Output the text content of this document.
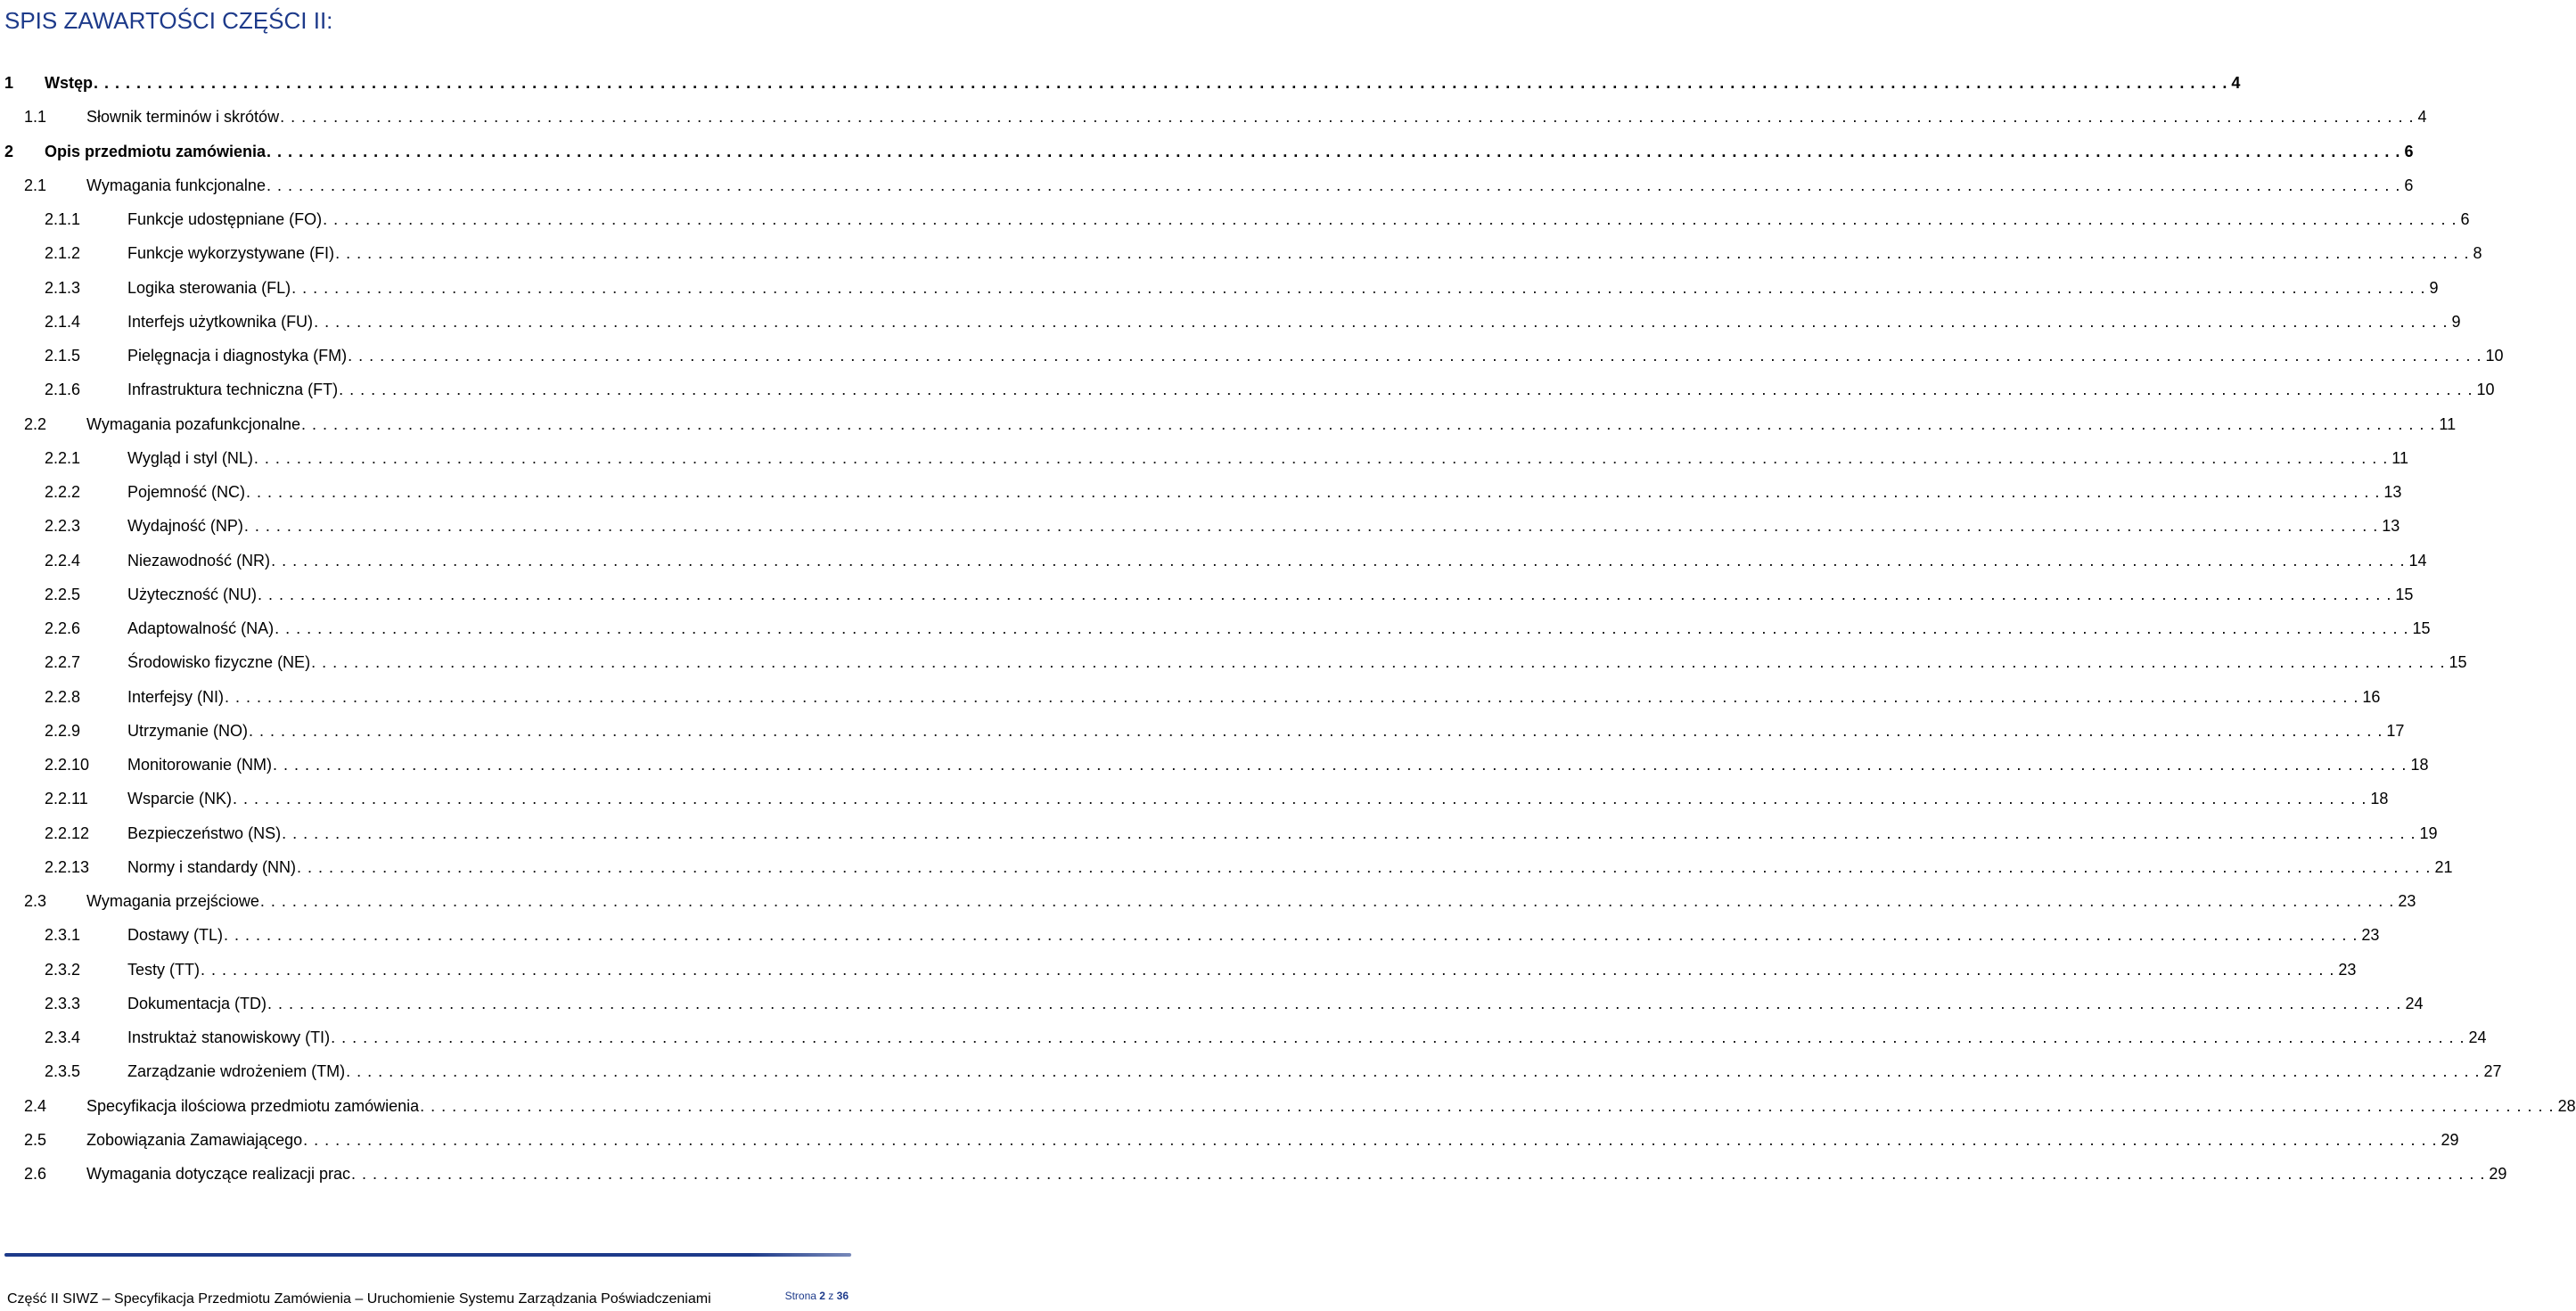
SPIS ZAWARTOŚCI CZĘŚCI II:
1 Wstęp . . . . . . . . . . . . . . . . . . . . . . . . . . . . . . . . . . . . . . . . . . . . . . . . . . . . . . . . . . . . . . . . . . . . . . . . . . . . . . . . . . . . . . . . . . . . . . . . . . . . . . . . . . . . . . . . . . . . . . . . . . . . . . . . . . . . . . . . . . . . . . . . . . . . . . . . . . . . . . . . . . . . . . . . . . . . . . . . . . . . . . . . . . . . . . . . . . . . . . . . 4
1.1 Słownik terminów i skrótów . . . . . . . . . . . . . . . . . . . . . . . . . . . . . . . . . . . . . . . . . . . . . . . . . . . . . . . . . . . . . . . . . . . . . . . . . . . . . . . . . . . . . . . . . . . . . . . . . . . . . . . . . . . . . . . . . . . . . . . . . . . . . . . . . . . . . . . . . . . . . . . . . . . . . . . . . . . . . . . . . . . . . . . . . . . . . . . . . . . . . . . . . . . . . . . . . . . . . . . . 4
2 Opis przedmiotu zamówienia . . . . . . . . . . . . . . . . . . . . . . . . . . . . . . . . . . . . . . . . . . . . . . . . . . . . . . . . . . . . . . . . . . . . . . . . . . . . . . . . . . . . . . . . . . . . . . . . . . . . . . . . . . . . . . . . . . . . . . . . . . . . . . . . . . . . . . . . . . . . . . . . . . . . . . . . . . . . . . . . . . . . . . . . . . . . . . . . . . . . . . . . . . . . . . . . . . . . . . . . 6
2.1 Wymagania funkcjonalne . . . . . . . . . . . . . . . . . . . . . . . . . . . . . . . . . . . . . . . . . . . . . . . . . . . . . . . . . . . . . . . . . . . . . . . . . . . . . . . . . . . . . . . . . . . . . . . . . . . . . . . . . . . . . . . . . . . . . . . . . . . . . . . . . . . . . . . . . . . . . . . . . . . . . . . . . . . . . . . . . . . . . . . . . . . . . . . . . . . . . . . . . . . . . . . . . . . . . . . . 6
2.1.1	Funkcje udostępniane (FO) . . . . . . . . . . . . . . . . . . . . . . . . . . . . . . . . . . . . . . . . . . . . . . . . . . . . . . . . . . . . . . . . . . . . . . . . . . . . . . . . . . . . . . . . . . . . . . . . . . . . . . . . . . . . . . . . . . . . . . . . . . . . . . . . . . . . . . . . . . . . . . . . . . . . . . . . . . . . . . . . . . . . . . . . . . . . . . . . . . . . . . . . . . . . . . . . . . . . . . . . 6
2.1.2	Funkcje wykorzystywane (FI) . . . . . . . . . . . . . . . . . . . . . . . . . . . . . . . . . . . . . . . . . . . . . . . . . . . . . . . . . . . . . . . . . . . . . . . . . . . . . . . . . . . . . . . . . . . . . . . . . . . . . . . . . . . . . . . . . . . . . . . . . . . . . . . . . . . . . . . . . . . . . . . . . . . . . . . . . . . . . . . . . . . . . . . . . . . . . . . . . . . . . . . . . . . . . . . . . . . . . . . . 8
2.1.3	Logika sterowania (FL) . . . . . . . . . . . . . . . . . . . . . . . . . . . . . . . . . . . . . . . . . . . . . . . . . . . . . . . . . . . . . . . . . . . . . . . . . . . . . . . . . . . . . . . . . . . . . . . . . . . . . . . . . . . . . . . . . . . . . . . . . . . . . . . . . . . . . . . . . . . . . . . . . . . . . . . . . . . . . . . . . . . . . . . . . . . . . . . . . . . . . . . . . . . . . . . . . . . . . . . . 9
2.1.4	Interfejs użytkownika (FU) . . . . . . . . . . . . . . . . . . . . . . . . . . . . . . . . . . . . . . . . . . . . . . . . . . . . . . . . . . . . . . . . . . . . . . . . . . . . . . . . . . . . . . . . . . . . . . . . . . . . . . . . . . . . . . . . . . . . . . . . . . . . . . . . . . . . . . . . . . . . . . . . . . . . . . . . . . . . . . . . . . . . . . . . . . . . . . . . . . . . . . . . . . . . . . . . . . . . . . . . 9
2.1.5	Pielęgnacja i diagnostyka (FM) . . . . . . . . . . . . . . . . . . . . . . . . . . . . . . . . . . . . . . . . . . . . . . . . . . . . . . . . . . . . . . . . . . . . . . . . . . . . . . . . . . . . . . . . . . . . . . . . . . . . . . . . . . . . . . . . . . . . . . . . . . . . . . . . . . . . . . . . . . . . . . . . . . . . . . . . . . . . . . . . . . . . . . . . . . . . . . . . . . . . . . . . . . . . . . . . . . . . . . . . 10
2.1.6	Infrastruktura techniczna (FT) . . . . . . . . . . . . . . . . . . . . . . . . . . . . . . . . . . . . . . . . . . . . . . . . . . . . . . . . . . . . . . . . . . . . . . . . . . . . . . . . . . . . . . . . . . . . . . . . . . . . . . . . . . . . . . . . . . . . . . . . . . . . . . . . . . . . . . . . . . . . . . . . . . . . . . . . . . . . . . . . . . . . . . . . . . . . . . . . . . . . . . . . . . . . . . . . . . . . . . . . 10
2.2 Wymagania pozafunkcjonalne . . . . . . . . . . . . . . . . . . . . . . . . . . . . . . . . . . . . . . . . . . . . . . . . . . . . . . . . . . . . . . . . . . . . . . . . . . . . . . . . . . . . . . . . . . . . . . . . . . . . . . . . . . . . . . . . . . . . . . . . . . . . . . . . . . . . . . . . . . . . . . . . . . . . . . . . . . . . . . . . . . . . . . . . . . . . . . . . . . . . . . . . . . . . . . . . . . . . . . . . 11
2.2.1	Wygląd i styl (NL) . . . . . . . . . . . . . . . . . . . . . . . . . . . . . . . . . . . . . . . . . . . . . . . . . . . . . . . . . . . . . . . . . . . . . . . . . . . . . . . . . . . . . . . . . . . . . . . . . . . . . . . . . . . . . . . . . . . . . . . . . . . . . . . . . . . . . . . . . . . . . . . . . . . . . . . . . . . . . . . . . . . . . . . . . . . . . . . . . . . . . . . . . . . . . . . . . . . . . . . . 11
2.2.2	Pojemność (NC) . . . . . . . . . . . . . . . . . . . . . . . . . . . . . . . . . . . . . . . . . . . . . . . . . . . . . . . . . . . . . . . . . . . . . . . . . . . . . . . . . . . . . . . . . . . . . . . . . . . . . . . . . . . . . . . . . . . . . . . . . . . . . . . . . . . . . . . . . . . . . . . . . . . . . . . . . . . . . . . . . . . . . . . . . . . . . . . . . . . . . . . . . . . . . . . . . . . . . . . . 13
2.2.3	Wydajność (NP) . . . . . . . . . . . . . . . . . . . . . . . . . . . . . . . . . . . . . . . . . . . . . . . . . . . . . . . . . . . . . . . . . . . . . . . . . . . . . . . . . . . . . . . . . . . . . . . . . . . . . . . . . . . . . . . . . . . . . . . . . . . . . . . . . . . . . . . . . . . . . . . . . . . . . . . . . . . . . . . . . . . . . . . . . . . . . . . . . . . . . . . . . . . . . . . . . . . . . . . . 13
2.2.4	Niezawodność (NR) . . . . . . . . . . . . . . . . . . . . . . . . . . . . . . . . . . . . . . . . . . . . . . . . . . . . . . . . . . . . . . . . . . . . . . . . . . . . . . . . . . . . . . . . . . . . . . . . . . . . . . . . . . . . . . . . . . . . . . . . . . . . . . . . . . . . . . . . . . . . . . . . . . . . . . . . . . . . . . . . . . . . . . . . . . . . . . . . . . . . . . . . . . . . . . . . . . . . . . . . 14
2.2.5	Użyteczność (NU) . . . . . . . . . . . . . . . . . . . . . . . . . . . . . . . . . . . . . . . . . . . . . . . . . . . . . . . . . . . . . . . . . . . . . . . . . . . . . . . . . . . . . . . . . . . . . . . . . . . . . . . . . . . . . . . . . . . . . . . . . . . . . . . . . . . . . . . . . . . . . . . . . . . . . . . . . . . . . . . . . . . . . . . . . . . . . . . . . . . . . . . . . . . . . . . . . . . . . . . . 15
2.2.6	Adaptowalność (NA) . . . . . . . . . . . . . . . . . . . . . . . . . . . . . . . . . . . . . . . . . . . . . . . . . . . . . . . . . . . . . . . . . . . . . . . . . . . . . . . . . . . . . . . . . . . . . . . . . . . . . . . . . . . . . . . . . . . . . . . . . . . . . . . . . . . . . . . . . . . . . . . . . . . . . . . . . . . . . . . . . . . . . . . . . . . . . . . . . . . . . . . . . . . . . . . . . . . . . . . . 15
2.2.7	Środowisko fizyczne (NE) . . . . . . . . . . . . . . . . . . . . . . . . . . . . . . . . . . . . . . . . . . . . . . . . . . . . . . . . . . . . . . . . . . . . . . . . . . . . . . . . . . . . . . . . . . . . . . . . . . . . . . . . . . . . . . . . . . . . . . . . . . . . . . . . . . . . . . . . . . . . . . . . . . . . . . . . . . . . . . . . . . . . . . . . . . . . . . . . . . . . . . . . . . . . . . . . . . . . . . . . 15
2.2.8	Interfejsy (NI) . . . . . . . . . . . . . . . . . . . . . . . . . . . . . . . . . . . . . . . . . . . . . . . . . . . . . . . . . . . . . . . . . . . . . . . . . . . . . . . . . . . . . . . . . . . . . . . . . . . . . . . . . . . . . . . . . . . . . . . . . . . . . . . . . . . . . . . . . . . . . . . . . . . . . . . . . . . . . . . . . . . . . . . . . . . . . . . . . . . . . . . . . . . . . . . . . . . . . . . . 16
2.2.9	Utrzymanie (NO) . . . . . . . . . . . . . . . . . . . . . . . . . . . . . . . . . . . . . . . . . . . . . . . . . . . . . . . . . . . . . . . . . . . . . . . . . . . . . . . . . . . . . . . . . . . . . . . . . . . . . . . . . . . . . . . . . . . . . . . . . . . . . . . . . . . . . . . . . . . . . . . . . . . . . . . . . . . . . . . . . . . . . . . . . . . . . . . . . . . . . . . . . . . . . . . . . . . . . . . . 17
2.2.10 Monitorowanie (NM) . . . . . . . . . . . . . . . . . . . . . . . . . . . . . . . . . . . . . . . . . . . . . . . . . . . . . . . . . . . . . . . . . . . . . . . . . . . . . . . . . . . . . . . . . . . . . . . . . . . . . . . . . . . . . . . . . . . . . . . . . . . . . . . . . . . . . . . . . . . . . . . . . . . . . . . . . . . . . . . . . . . . . . . . . . . . . . . . . . . . . . . . . . . . . . . . . . . . . . . . 18
2.2.11 Wsparcie (NK) . . . . . . . . . . . . . . . . . . . . . . . . . . . . . . . . . . . . . . . . . . . . . . . . . . . . . . . . . . . . . . . . . . . . . . . . . . . . . . . . . . . . . . . . . . . . . . . . . . . . . . . . . . . . . . . . . . . . . . . . . . . . . . . . . . . . . . . . . . . . . . . . . . . . . . . . . . . . . . . . . . . . . . . . . . . . . . . . . . . . . . . . . . . . . . . . . . . . . . . . 18
2.2.12 Bezpieczeństwo (NS) . . . . . . . . . . . . . . . . . . . . . . . . . . . . . . . . . . . . . . . . . . . . . . . . . . . . . . . . . . . . . . . . . . . . . . . . . . . . . . . . . . . . . . . . . . . . . . . . . . . . . . . . . . . . . . . . . . . . . . . . . . . . . . . . . . . . . . . . . . . . . . . . . . . . . . . . . . . . . . . . . . . . . . . . . . . . . . . . . . . . . . . . . . . . . . . . . . . . . . . . 19
2.2.13 Normy i standardy (NN) . . . . . . . . . . . . . . . . . . . . . . . . . . . . . . . . . . . . . . . . . . . . . . . . . . . . . . . . . . . . . . . . . . . . . . . . . . . . . . . . . . . . . . . . . . . . . . . . . . . . . . . . . . . . . . . . . . . . . . . . . . . . . . . . . . . . . . . . . . . . . . . . . . . . . . . . . . . . . . . . . . . . . . . . . . . . . . . . . . . . . . . . . . . . . . . . . . . . . . . . 21
2.3 Wymagania przejściowe . . . . . . . . . . . . . . . . . . . . . . . . . . . . . . . . . . . . . . . . . . . . . . . . . . . . . . . . . . . . . . . . . . . . . . . . . . . . . . . . . . . . . . . . . . . . . . . . . . . . . . . . . . . . . . . . . . . . . . . . . . . . . . . . . . . . . . . . . . . . . . . . . . . . . . . . . . . . . . . . . . . . . . . . . . . . . . . . . . . . . . . . . . . . . . . . . . . . . . . . 23
2.3.1	Dostawy (TL) . . . . . . . . . . . . . . . . . . . . . . . . . . . . . . . . . . . . . . . . . . . . . . . . . . . . . . . . . . . . . . . . . . . . . . . . . . . . . . . . . . . . . . . . . . . . . . . . . . . . . . . . . . . . . . . . . . . . . . . . . . . . . . . . . . . . . . . . . . . . . . . . . . . . . . . . . . . . . . . . . . . . . . . . . . . . . . . . . . . . . . . . . . . . . . . . . . . . . . . . 23
2.3.2	Testy (TT) . . . . . . . . . . . . . . . . . . . . . . . . . . . . . . . . . . . . . . . . . . . . . . . . . . . . . . . . . . . . . . . . . . . . . . . . . . . . . . . . . . . . . . . . . . . . . . . . . . . . . . . . . . . . . . . . . . . . . . . . . . . . . . . . . . . . . . . . . . . . . . . . . . . . . . . . . . . . . . . . . . . . . . . . . . . . . . . . . . . . . . . . . . . . . . . . . . . . . . . . 23
2.3.3	Dokumentacja (TD) . . . . . . . . . . . . . . . . . . . . . . . . . . . . . . . . . . . . . . . . . . . . . . . . . . . . . . . . . . . . . . . . . . . . . . . . . . . . . . . . . . . . . . . . . . . . . . . . . . . . . . . . . . . . . . . . . . . . . . . . . . . . . . . . . . . . . . . . . . . . . . . . . . . . . . . . . . . . . . . . . . . . . . . . . . . . . . . . . . . . . . . . . . . . . . . . . . . . . . . . 24
2.3.4	Instruktaż stanowiskowy (TI) . . . . . . . . . . . . . . . . . . . . . . . . . . . . . . . . . . . . . . . . . . . . . . . . . . . . . . . . . . . . . . . . . . . . . . . . . . . . . . . . . . . . . . . . . . . . . . . . . . . . . . . . . . . . . . . . . . . . . . . . . . . . . . . . . . . . . . . . . . . . . . . . . . . . . . . . . . . . . . . . . . . . . . . . . . . . . . . . . . . . . . . . . . . . . . . . . . . . . . . . 24
2.3.5	Zarządzanie wdrożeniem (TM) . . . . . . . . . . . . . . . . . . . . . . . . . . . . . . . . . . . . . . . . . . . . . . . . . . . . . . . . . . . . . . . . . . . . . . . . . . . . . . . . . . . . . . . . . . . . . . . . . . . . . . . . . . . . . . . . . . . . . . . . . . . . . . . . . . . . . . . . . . . . . . . . . . . . . . . . . . . . . . . . . . . . . . . . . . . . . . . . . . . . . . . . . . . . . . . . . . . . . . . . 27
2.4 Specyfikacja ilościowa przedmiotu zamówienia . . . . . . . . . . . . . . . . . . . . . . . . . . . . . . . . . . . . . . . . . . . . . . . . . . . . . . . . . . . . . . . . . . . . . . . . . . . . . . . . . . . . . . . . . . . . . . . . . . . . . . . . . . . . . . . . . . . . . . . . . . . . . . . . . . . . . . . . . . . . . . . . . . . . . . . . . . . . . . . . . . . . . . . . . . . . . . . . . . . . . . . . . . . . . . . . . . . . . . . . 28
2.5 Zobowiązania Zamawiającego . . . . . . . . . . . . . . . . . . . . . . . . . . . . . . . . . . . . . . . . . . . . . . . . . . . . . . . . . . . . . . . . . . . . . . . . . . . . . . . . . . . . . . . . . . . . . . . . . . . . . . . . . . . . . . . . . . . . . . . . . . . . . . . . . . . . . . . . . . . . . . . . . . . . . . . . . . . . . . . . . . . . . . . . . . . . . . . . . . . . . . . . . . . . . . . . . . . . . . . . 29
2.6 Wymagania dotyczące realizacji prac . . . . . . . . . . . . . . . . . . . . . . . . . . . . . . . . . . . . . . . . . . . . . . . . . . . . . . . . . . . . . . . . . . . . . . . . . . . . . . . . . . . . . . . . . . . . . . . . . . . . . . . . . . . . . . . . . . . . . . . . . . . . . . . . . . . . . . . . . . . . . . . . . . . . . . . . . . . . . . . . . . . . . . . . . . . . . . . . . . . . . . . . . . . . . . . . . . . . . . . . 29
Część II SIWZ – Specyfikacja Przedmiotu Zamówienia – Uruchomienie Systemu Zarządzania Poświadczeniami	Strona 2 z 36
